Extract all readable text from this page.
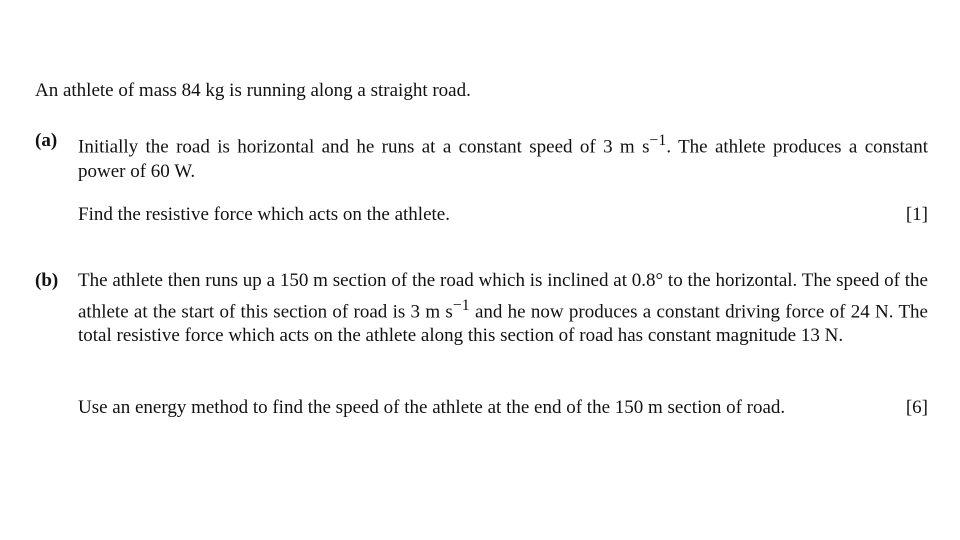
An athlete of mass 84 kg is running along a straight road.
(a) Initially the road is horizontal and he runs at a constant speed of 3 m $s^{-1}$. The athlete produces a constant power of 60 W.
Find the resistive force which acts on the athlete.	[1]
(b) The athlete then runs up a 150 m section of the road which is inclined at 0.8° to the horizontal. The speed of the athlete at the start of this section of road is 3 m $s^{-1}$ and he now produces a constant driving force of 24 N. The total resistive force which acts on the athlete along this section of road has constant magnitude 13 N.
Use an energy method to find the speed of the athlete at the end of the 150 m section of road.	[6]
